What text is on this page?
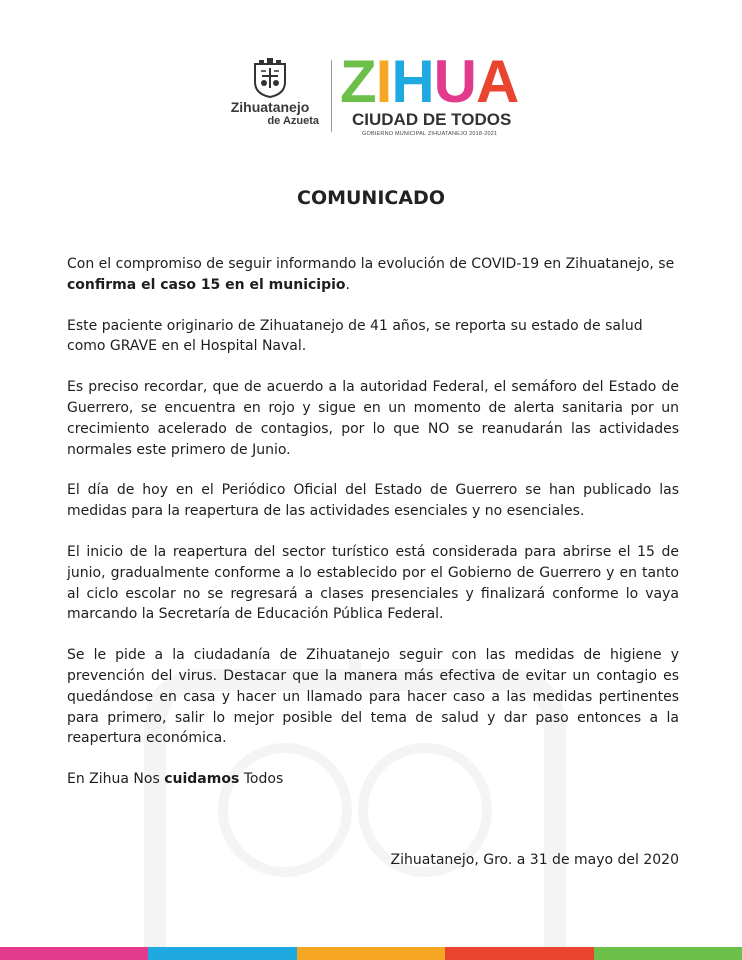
Zihuatanejo
de Azueta
ZIHUA
CIUDAD DE TODOS
GOBIERNO MUNICIPAL ZIHUATANEJO 2018-2021
COMUNICADO

Con el compromiso de seguir informando la evolución de COVID-19 en Zihuatanejo, se confirma el caso 15 en el municipio.

Este paciente originario de Zihuatanejo de 41 años, se reporta su estado de salud como GRAVE en el Hospital Naval.

Es preciso recordar, que de acuerdo a la autoridad Federal, el semáforo del Estado de Guerrero, se encuentra en rojo y sigue en un momento de alerta sanitaria por un crecimiento acelerado de contagios, por lo que NO se reanudarán las actividades normales este primero de Junio.

El día de hoy en el Periódico Oficial del Estado de Guerrero se han publicado las medidas para la reapertura de las actividades esenciales y no esenciales.

El inicio de la reapertura del sector turístico está considerada para abrirse el 15 de junio, gradualmente conforme a lo establecido por el Gobierno de Guerrero y en tanto al ciclo escolar no se regresará a clases presenciales y finalizará conforme lo vaya marcando la Secretaría de Educación Pública Federal.

Se le pide a la ciudadanía de Zihuatanejo seguir con las medidas de higiene y prevención del virus. Destacar que la manera más efectiva de evitar un contagio es quedándose en casa y hacer un llamado para hacer caso a las medidas pertinentes para primero, salir lo mejor posible del tema de salud y dar paso entonces a la reapertura económica.

En Zihua Nos cuidamos Todos

Zihuatanejo, Gro. a 31 de mayo del 2020
